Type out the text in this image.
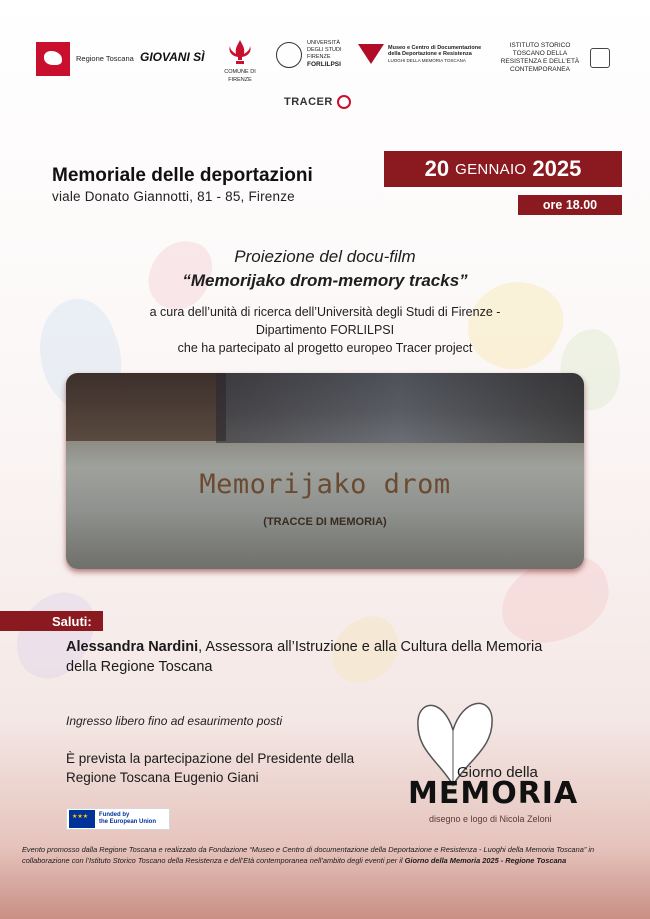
Regione Toscana GIOVANI SÌ
COMUNE DI FIRENZE
UNIVERSITÀ DEGLI STUDI FIRENZE
FORLILPSI
Museo e Centro di Documentazione della Deportazione e Resistenza
LUOGHI DELLA MEMORIA TOSCANA
ISTITUTO STORICO TOSCANO DELLA RESISTENZA E DELL'ETÀ CONTEMPORANEA
TRACER
Memoriale delle deportazioni
viale Donato Giannotti, 81 - 85, Firenze
20 GENNAIO 2025
ore 18.00
Proiezione del docu-film
“Memorijako drom-memory tracks”
a cura dell’unità di ricerca dell’Università degli Studi di Firenze -
Dipartimento FORLILPSI
che ha partecipato al progetto europeo Tracer project
Memorijako drom
(TRACCE DI MEMORIA)
Saluti:
Alessandra Nardini, Assessora all’Istruzione e alla Cultura della Memoria della Regione Toscana
Ingresso libero fino ad esaurimento posti
È prevista la partecipazione del Presidente della Regione Toscana Eugenio Giani	Giorno della
MEMORIA
disegno e logo di Nicola Zeloni
★★★
Funded by
the European Union
Evento promosso dalla Regione Toscana e realizzato da Fondazione “Museo e Centro di documentazione della Deportazione e Resistenza - Luoghi della Memoria Toscana” in collaborazione con l’Istituto Storico Toscano della Resistenza e dell’Età contemporanea nell’ambito degli eventi per il Giorno della Memoria 2025 - Regione Toscana
